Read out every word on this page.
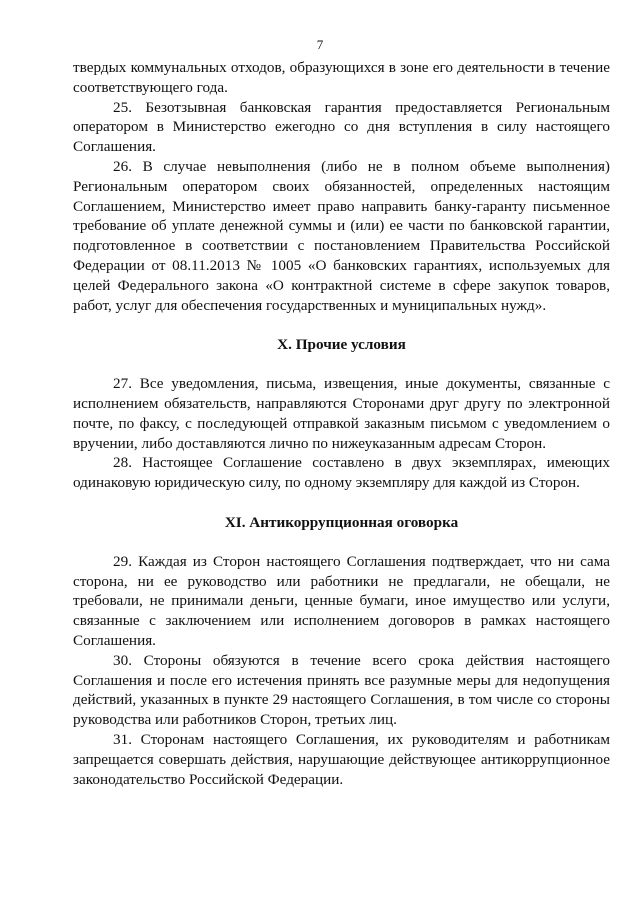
7

твердых коммунальных отходов, образующихся в зоне его деятельности в течение соответствующего года.

25. Безотзывная банковская гарантия предоставляется Региональным оператором в Министерство ежегодно со дня вступления в силу настоящего Соглашения.

26. В случае невыполнения (либо не в полном объеме выполнения) Региональным оператором своих обязанностей, определенных настоящим Соглашением, Министерство имеет право направить банку-гаранту письменное требование об уплате денежной суммы и (или) ее части по банковской гарантии, подготовленное в соответствии с постановлением Правительства Российской Федерации от 08.11.2013 № 1005 «О банковских гарантиях, используемых для целей Федерального закона «О контрактной системе в сфере закупок товаров, работ, услуг для обеспечения государственных и муниципальных нужд».

X. Прочие условия

27. Все уведомления, письма, извещения, иные документы, связанные с исполнением обязательств, направляются Сторонами друг другу по электронной почте, по факсу, с последующей отправкой заказным письмом с уведомлением о вручении, либо доставляются лично по нижеуказанным адресам Сторон.

28. Настоящее Соглашение составлено в двух экземплярах, имеющих одинаковую юридическую силу, по одному экземпляру для каждой из Сторон.

XI. Антикоррупционная оговорка

29. Каждая из Сторон настоящего Соглашения подтверждает, что ни сама сторона, ни ее руководство или работники не предлагали, не обещали, не требовали, не принимали деньги, ценные бумаги, иное имущество или услуги, связанные с заключением или исполнением договоров в рамках настоящего Соглашения.

30. Стороны обязуются в течение всего срока действия настоящего Соглашения и после его истечения принять все разумные меры для недопущения действий, указанных в пункте 29 настоящего Соглашения, в том числе со стороны руководства или работников Сторон, третьих лиц.

31. Сторонам настоящего Соглашения, их руководителям и работникам запрещается совершать действия, нарушающие действующее антикоррупционное законодательство Российской Федерации.
